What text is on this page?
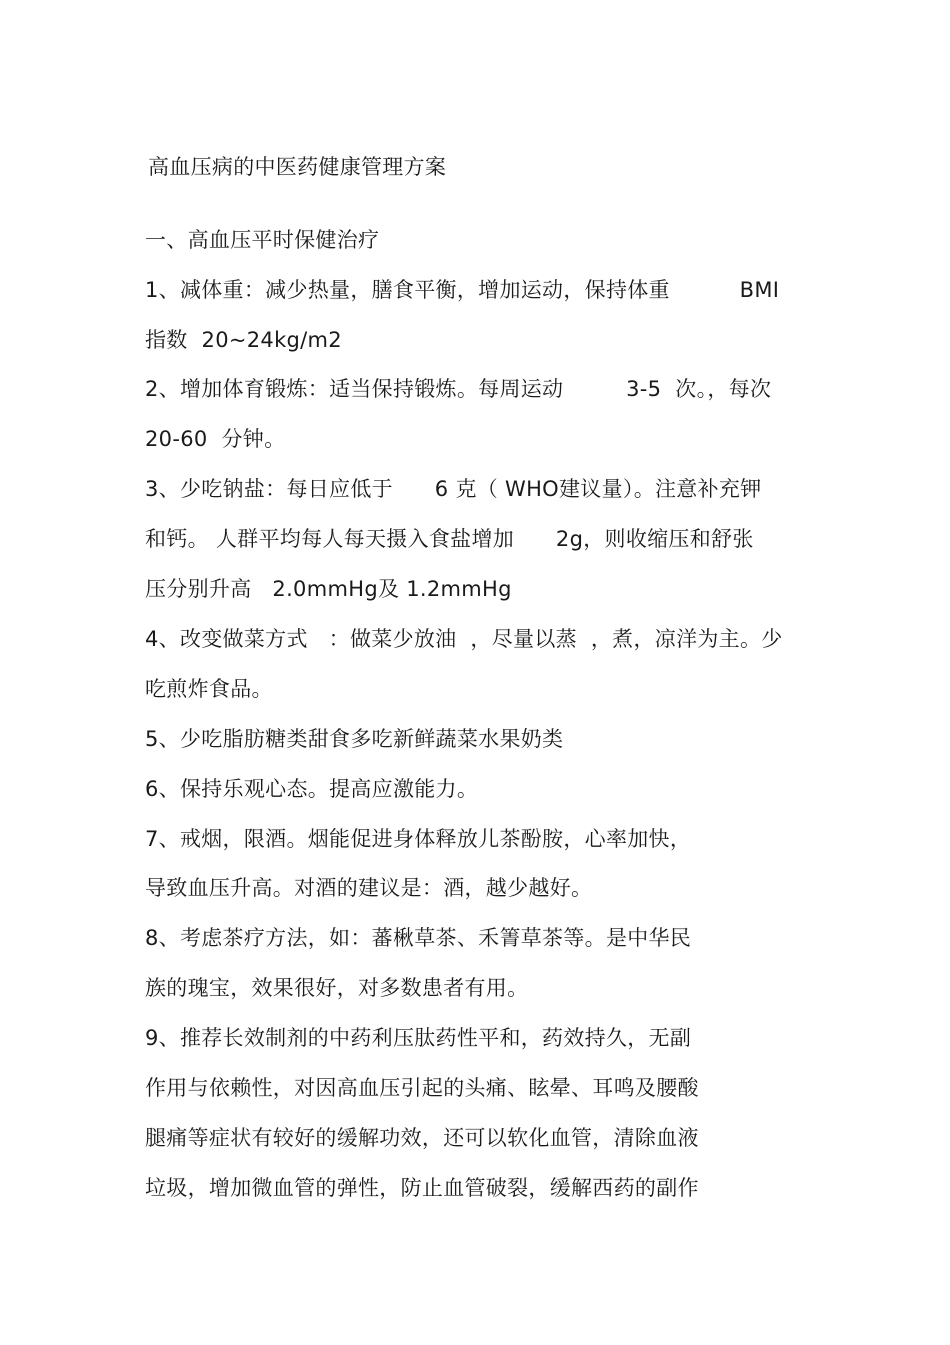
高血压病的中医药健康管理方案
一、高血压平时保健治疗
1、减体重：减少热量，膳食平衡，增加运动，保持体重          BMI
指数  20~24kg/m2
2、增加体育锻炼：适当保持锻炼。每周运动         3-5  次。，每次
20-60  分钟。
3、少吃钠盐：每日应低于      6 克（ WHO建议量）。注意补充钾
和钙。 人群平均每人每天摄入食盐增加      2g，则收缩压和舒张
压分别升高   2.0mmHg及 1.2mmHg
4、改变做菜方式   ：做菜少放油  ，尽量以蒸  ，煮，凉洋为主。少
吃煎炸食品。
5、少吃脂肪糖类甜食多吃新鲜蔬菜水果奶类
6、保持乐观心态。提高应激能力。
7、戒烟，限酒。烟能促进身体释放儿茶酚胺，心率加快，
导致血压升高。对酒的建议是：酒，越少越好。
8、考虑茶疗方法，如：蕃楸草茶、禾箐草茶等。是中华民
族的瑰宝，效果很好，对多数患者有用。
9、推荐长效制剂的中药利压肽药性平和，药效持久，无副
作用与依赖性，对因高血压引起的头痛、眩晕、耳鸣及腰酸
腿痛等症状有较好的缓解功效，还可以软化血管，清除血液
垃圾，增加微血管的弹性，防止血管破裂，缓解西药的副作
